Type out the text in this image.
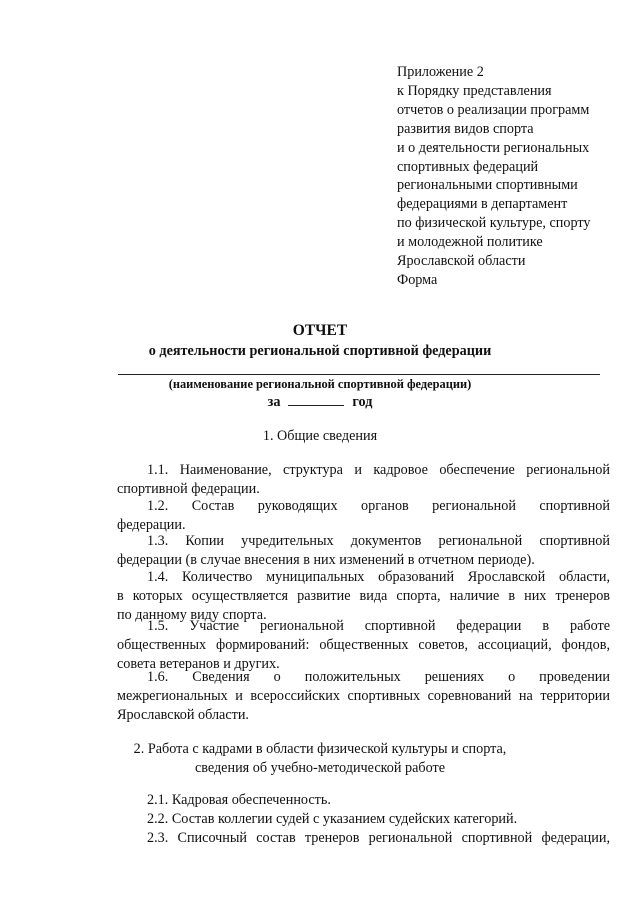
Приложение 2
к Порядку представления
отчетов о реализации программ
развития видов спорта
и о деятельности региональных
спортивных федераций
региональными спортивными
федерациями в департамент
по физической культуре, спорту
и молодежной политике
Ярославской области
Форма
ОТЧЕТ
о деятельности региональной спортивной федерации
(наименование региональной спортивной федерации)
за	год
1. Общие сведения
1.1. Наименование, структура и кадровое обеспечение региональной
спортивной федерации.
1.2. Состав руководящих органов региональной спортивной
федерации.
1.3. Копии учредительных документов региональной спортивной
федерации (в случае внесения в них изменений в отчетном периоде).
1.4. Количество муниципальных образований Ярославской области,
в которых осуществляется развитие вида спорта, наличие в них тренеров
по данному виду спорта.
1.5. Участие региональной спортивной федерации в работе
общественных формирований: общественных советов, ассоциаций, фондов,
совета ветеранов и других.
1.6. Сведения о положительных решениях о проведении
межрегиональных и всероссийских спортивных соревнований на территории
Ярославской области.
2. Работа с кадрами в области физической культуры и спорта,
сведения об учебно-методической работе
2.1. Кадровая обеспеченность.
2.2. Состав коллегии судей с указанием судейских категорий.
2.3. Списочный состав тренеров региональной спортивной федерации,
